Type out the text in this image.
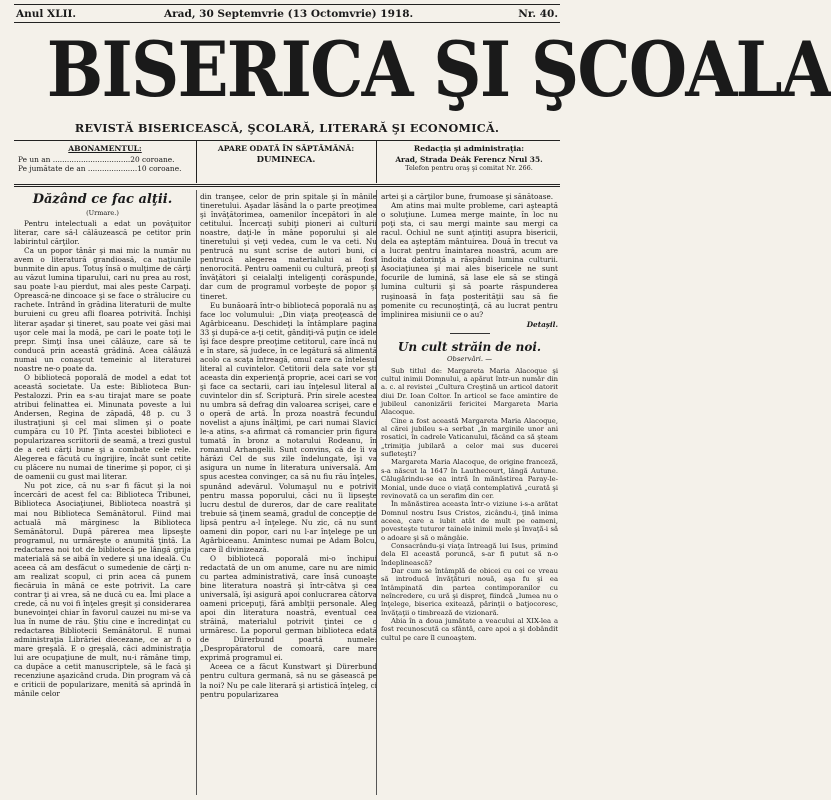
Anul XLII.	Arad, 30 Septemvrie (13 Octomvrie) 1918.	Nr. 40.
BISERICA ŞI ŞCOALA
REVISTĂ BISERICEASCĂ, ŞCOLARĂ, LITERARĂ ŞI ECONOMICĂ.
ABONAMENTUL:
Pe un an .................................20 coroane.
Pe jumătate de an .....................10 coroane.
APARE ODATĂ ÎN SĂPTĂMÂNĂ:
DUMINECA.
Redacţia şi administraţia:
Arad, Strada Deák Ferencz Nrul 35.
Telefon pentru oraş şi comitat Nr. 266.
Dăzând ce fac alţii.
(Urmare.)

Pentru intelectuali a edat un povăţuitor literar, care să-l călăuzească pe cetitor prin labirintul cărţilor.

Ca un popor tânăr şi mai mic la număr nu avem o literatură grandioasă, ca naţiunile bunmite din apus. Totuş însă o mulţime de cărţi au văzut lumina tiparului, cari nu prea au rost, sau poate l-au pierdut, mai ales peste Carpaţi. Oprească-ne dincoace şi se face o strălucire cu rachete. Intrând în grădina literaturii de multe buruieni cu greu afli floarea potrivită. Închişi literar aşadar şi tineret, sau poate vei găsi mai uşor cele mai la modă, pe cari le poate toţi le prepr. Simţi însa unei călăuze, care să te conducă prin această grădină. Acea călăuză numai un conaşcut temeinic al literaturei noastre ne-o poate da.

O bibliotecă poporală de model a edat tot această societate. Ua este: Biblioteca Bun-Pestalozzi. Prin ea s-au tirajat mare se poate atribui felinattea ei. Minunata poveste a lui Andersen, Regina de zăpadă, 48 p. cu 3 ilustraţiuni şi cel mai slimen şi o poate cumpăra cu 10 Pf. Ţinta acestei biblioteci e popularizarea scriitorii de seamă, a trezi gustul de a ceti cărţi bune şi a combate cele rele. Alegerea e făcută cu îngrijire, încât sunt cetite cu plăcere nu numai de tinerime şi popor, ci şi de oamenii cu gust mai literar.

Nu pot zice, că nu s-ar fi făcut şi la noi încercări de acest fel ca: Biblioteca Tribunei, Biblioteca Asociaţiunei, Biblioteca noastră şi mai nou Biblioteca Semănătorul. Fiind mai actuală mă mărginesc la Biblioteca Semănătorul. După părerea mea lipseşte programul, nu urmăreşte o anumită ţintă. La redactarea noi tot de bibliotecă pe lângă grija materială să se aibă în vedere şi una ideală. Cu aceea că am desfăcut o sumedenie de cărţi n-am realizat scopul, ci prin acea că punem fiecăruia în mână ce este potrivit. La care contrar ţi ai vrea, să ne ducă cu ea. Îmi place a crede, că nu voi fi înţeles greşit şi considerarea bunevoinţei chiar în favorul cauzei nu mi-se va lua în nume de rău. Ştiu cine e încredinţat cu redactarea Bibliotecii Semănătorul. E numai administraţia Librăriei diecezane, ce ar fi o mare greşală. E o greşală, căci administraţia lui are ocupaţiune de mult, nu-i rămâne timp, ca dupăce a cetit manuscriptele, să le facă şi recenziune aşazicând cruda. Din program vă că e criticii de popularizare, menită să aprindă în mânile celor

din tranşee, celor de prin spitale şi în mânile tineretului. Aşadar lăsând la o parte preoţimea şi învăţătorimea, oamenilor începători în ale cetitului. Încercaţi subiţi pioneri ai culturii noastre, daţi-le în mâne poporului şi ale tineretului şi veţi vedea, cum le va ceti. Nu pentrucă nu sunt scrise de autori buni, ci pentrucă alegerea materialului ai fost nenorocită. Pentru oamenii cu cultură, preoţi şi învăţători şi ceialalţi inteligenţi corăspunde, dar cum de programul vorbeşte de popor şi tineret.

Eu bunăoară într-o bibliotecă poporală nu aş face loc volumului: „Din viaţa preoţească de Agârbiceanu. Deschideţi la întâmplare pagina 33 şi după-ce a-ţi cetit, gândiţi-vă puţin ce idele îşi face despre preoţime cetitorul, care încă nu e în stare, să judece, în ce legătură să alimentă acolo ca scaţa întreagă, omul care ca întelesul literal al cuvintelor. Cetitorii dela sate vor şti aceasta din experienţă proprie, acei cari se vor şi face ca sectarii, cari iau înţelesul literal al cuvintelor din sf. Scriptură. Prin sirele acestea nu umbra să defrag din valoarea scrişei, care e o operă de artă. În proza noastră fecundul novelist a ajuns înălţimi, pe cari numai Slavici le-a atins, s-a afirmat că romancier prin figura tumată în bronz a notarului Rodeanu, în romanul Arhangelii. Sunt convins, că de îi va hărăzi Cel de sus zile îndelungate, îşi va asigura un nume în literatura universală. Am spus acestea convinger, ca să nu fiu rău înţeles, spunând adevărul. Volumaşul nu e potrivit pentru massa poporului, căci nu îi lipseşte lucru destul de dureros, dar de care realitate trebuie să ţinem seamă, gradul de concepţie de lipsă pentru a-l înţelege. Nu zic, că nu sunt oameni din popor, cari nu l-ar înţelege pe un Agârbiceanu. Amintesc numai pe Adam Bolcu, care îl divinizează.

O bibliotecă poporală mi-o închipui redactată de un om anume, care nu are nimic cu partea administrativă, care însă cunoaşte bine literatura noastră şi într-câtva şi cea universală, îşi asigură apoi conlucrarea câtorva oameni pricepuţi, fără amblţii personale. Aleg apoi din literatura noastră, eventual cea străină, materialul potrivit ţintei ce o urmăresc. La poporul german biblioteca edată de Dürerbund poartă numele: „Despropăratorul de comoară, care mare exprimă programul ei.

Aceea ce a făcut Kunstwart şi Dürerbund pentru cultura germană, să nu se găsească pe la noi? Nu pe cale literară şi artistică înţeleg, ci pentru popularizarea

artei şi a cărţilor bune, frumoase şi sănătoase.

Am atins mai multe probleme, cari aşteaptă o soluţiune. Lumea merge mainte, în loc nu poţi sta, ci sau mergi mainte sau mergi ca racul. Ochiul ne sunt aţintiţi asupra bisericii, dela ea aşteptăm mântuirea. Două în trecut va a lucrat pentru înaintarea noastră, acum are îndoita datorinţă a răspândi lumina culturii. Asociaţiunea şi mai ales bisericele ne sunt focurile de lumină, să lase ele să se stingă lumina culturii şi să poarte răspunderea ruşinoasă în faţa posterităţii sau să fie pomenite cu recunoştinţă, că au lucrat pentru împlinirea misiunii ce o au?

Detaşil.
Un cult străin de noi.
Observări. —

Sub titlul de: Margareta Maria Alacoque şi cultul inimii Domnului, a apărut într-un număr din a. c. al revistei „Cultura Creştină un articol datorit diui Dr. Ioan Coltor. În articol se face amintire de jubileul canonizării fericitei Margareta Maria Alacoque.

Cine a fost această Margareta Maria Alacoque, al cărei jubileu s-a serbat „în marginile unor ani rosatici, în cadrele Vaticanului, făcând ca să şteam „trimiţia jubilară a celor mai sus ducerei sufleteşti?

Margareta Maria Alacoque, de origine franceză, s-a născut la 1647 în Lauthecourt, lângă Autune. Călugărindu-se ea intră în mănăstirea Paray-le-Monial, unde duce o viaţă contemplativă „curată şi revinovată ca un serafim din cer.

În mănăstirea aceasta într-o viziune i-s-a arătat Domnul nostru Isus Cristos, zicându-i, ţină inima aceea, care a iubit atât de mult pe oameni, povesteşte tuturor tainele inimii mele şi învaţă-i să o adoare şi să o mângâie.

Consacrându-şi viaţa întreagă lui Isus, primind dela El această poruncă, s-ar fi putut să n-o îndeplinească?

Dar cum se întâmplă de obicei cu cei ce vreau să introducă învăţături nouă, aşa fu şi ea întâmpinată din partea contimporanilor cu neîncredere, cu ură şi dispreţ, fiindcă „lumea nu o înţelege, biserica exitează, părinţii o batjocoresc, învăţaţii o timbrează de vizionară.

Abia în a doua jumătate a veacului al XIX-lea a fost recunoscută ca sfântă, care apoi a şi dobândit cultul pe care îl cunoaştem.
